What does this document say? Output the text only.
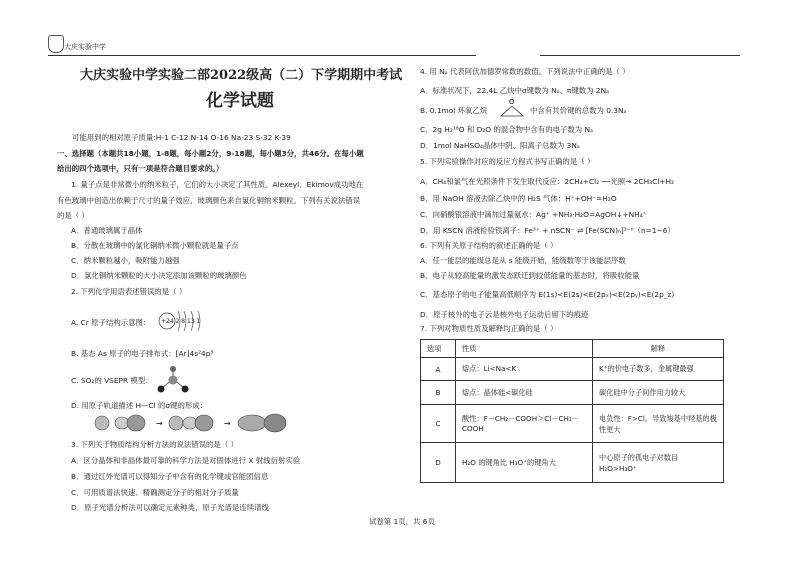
大庆实验中学
大庆实验中学实验二部2022级高（二）下学期期中考试
化学试题
可能用到的相对原子质量:H-1 C-12 N-14 O-16 Na-23 S-32 K-39
一、选择题（本题共18小题，1-8题，每小题2分，9-18题，每小题3分，共46分。在每小题
给出的四个选项中，只有一项是符合题目要求的。）
1. 量子点是非常微小的纳米粒子，它们的大小决定了其性质。Alexeyl．Ekimov成功地在
有色玻璃中创造出依赖于尺寸的量子效应，玻璃颜色来自氯化铜纳米颗粒。下列有关说法错误
的是（ ）
A．普通玻璃属于晶体
B．分散在玻璃中的氯化铜纳米微小颗粒就是量子点
C．纳米颗粒越小，吸附能力越强
D．氯化铜纳米颗粒的大小决定添加该颗粒的玻璃颜色
2. 下列化学用语表述错误的是（ ）
A. Cr 原子结构示意图： +24 2 8 13 1
B. 基态 As 原子的电子排布式：[Ar]4s²4p³
C. SO₂的 VSEPR 模型：
D. 用原子轨道描述 H—Cl 的σ键的形成：
→	→
3. 下列关于物质结构分析方法的说法错误的是（ ）
A．区分晶体和非晶体最可靠的科学方法是对固体进行 X 射线衍射实验
B．通过红外光谱可以得知分子中含有的化学键或官能团信息
C．可用质谱法快速、精确测定分子的相对分子质量
D．原子光谱分析法可以确定元素种类，原子光谱是连续谱线
4. 用 Nₐ 代表阿伏加德罗常数的数值。下列说法中正确的是（ ）
A．标准状况下，22.4L 乙炔中σ键数为 Nₐ、π键数为 2Nₐ
B. 0.1mol 环氧乙烷
O
中含有共价键的总数为 0.3Nₐ
C．2g H₂¹⁸O 和 D₂O 的混合物中含有的电子数为 Nₐ
D．1mol NaHSO₄晶体中阴、阳离子总数为 3Nₐ
5. 下列实验操作对应的反应方程式书写正确的是（ ）
A．CH₄和氯气在光照条件下发生取代反应：2CH₄+Cl₂ ──光照→ 2CH₃Cl+H₂
B．用 NaOH 溶液去除乙炔中的 H₂S 气体：H⁺+OH⁻=H₂O
C．向硝酸银溶液中滴加过量氨水：Ag⁺ +NH₃·H₂O=AgOH↓+NH₄⁺
D．用 KSCN 溶液检验铁离子：Fe³⁺ + nSCN⁻ ⇌ [Fe(SCN)ₙ]³⁻ⁿ（n=1~6）
6. 下列有关原子结构的叙述正确的是（ ）
A．任一能层的能级总是从 s 能级开始，能级数等于该能层序数
B．电子从较高能量的激发态跃迁到较低能量的基态时，将吸收能量
C．基态原子的电子能量高低顺序为 E(1s)<E(2s)<E(2pₓ)<E(2pᵧ)<E(2p_z)
D．原子核外的电子云是核外电子运动后留下的痕迹
7. 下列对物质性质及解释均正确的是（ ）
选项	性质	解释
A	熔点：Li<Na<K	K⁺的价电子数多，金属键最强
B	熔点：晶体硅<碳化硅	碳化硅中分子间作用力较大
C	酸性：F－CH₂－COOH＞Cl－CH₂－COOH	电负性：F>Cl，导致羧基中羟基的极性更大
D	H₂O 的键角比 H₃O⁺的键角大	中心原子的孤电子对数目 H₂O>H₃O⁺
试卷第 1页，共 6页
